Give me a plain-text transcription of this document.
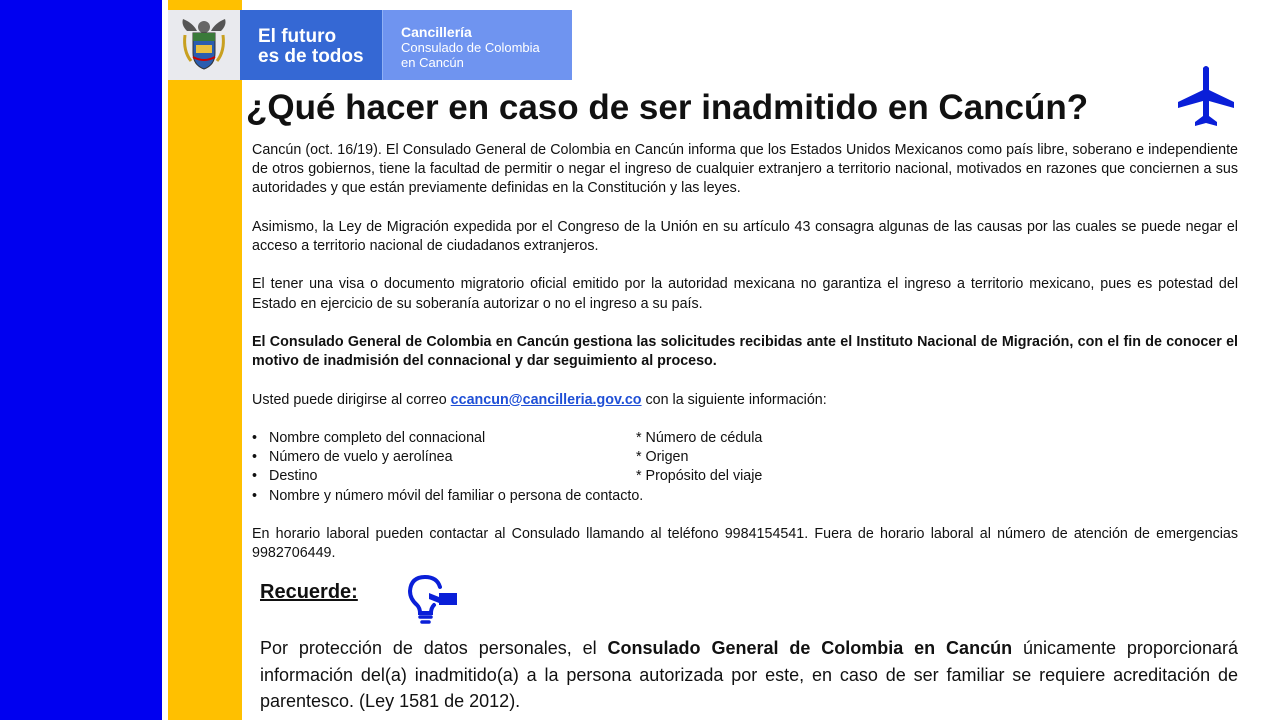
El futuro
es de todos
Cancillería
Consulado de Colombia
en Cancún
¿Qué hacer en caso de ser inadmitido en Cancún?

Cancún (oct. 16/19). El Consulado General de Colombia en Cancún informa que los Estados Unidos Mexicanos como país libre, soberano e independiente de otros gobiernos, tiene la facultad de permitir o negar el ingreso de cualquier extranjero a territorio nacional, motivados en razones que conciernen a sus autoridades y que están previamente definidas en la Constitución y las leyes.

Asimismo, la Ley de Migración expedida por el Congreso de la Unión en su artículo 43 consagra algunas de las causas por las cuales se puede negar el acceso a territorio nacional de ciudadanos extranjeros.

El tener una visa o documento migratorio oficial emitido por la autoridad mexicana no garantiza el ingreso a territorio mexicano, pues es potestad del Estado en ejercicio de su soberanía autorizar o no el ingreso a su país.

El Consulado General de Colombia en Cancún gestiona las solicitudes recibidas ante el Instituto Nacional de Migración, con el fin de conocer el motivo de inadmisión del connacional y dar seguimiento al proceso.

Usted puede dirigirse al correo ccancun@cancilleria.gov.co con la siguiente información:

• Nombre completo del connacional	* Número de cédula
• Número de vuelo y aerolínea	* Origen
• Destino	* Propósito del viaje
• Nombre y número móvil del familiar o persona de contacto.

En horario laboral pueden contactar al Consulado llamando al teléfono 9984154541. Fuera de horario laboral al número de atención de emergencias 9982706449.

Recuerde:

Por protección de datos personales, el Consulado General de Colombia en Cancún únicamente proporcionará información del(a) inadmitido(a) a la persona autorizada por este, en caso de ser familiar se requiere acreditación de parentesco. (Ley 1581 de 2012).
